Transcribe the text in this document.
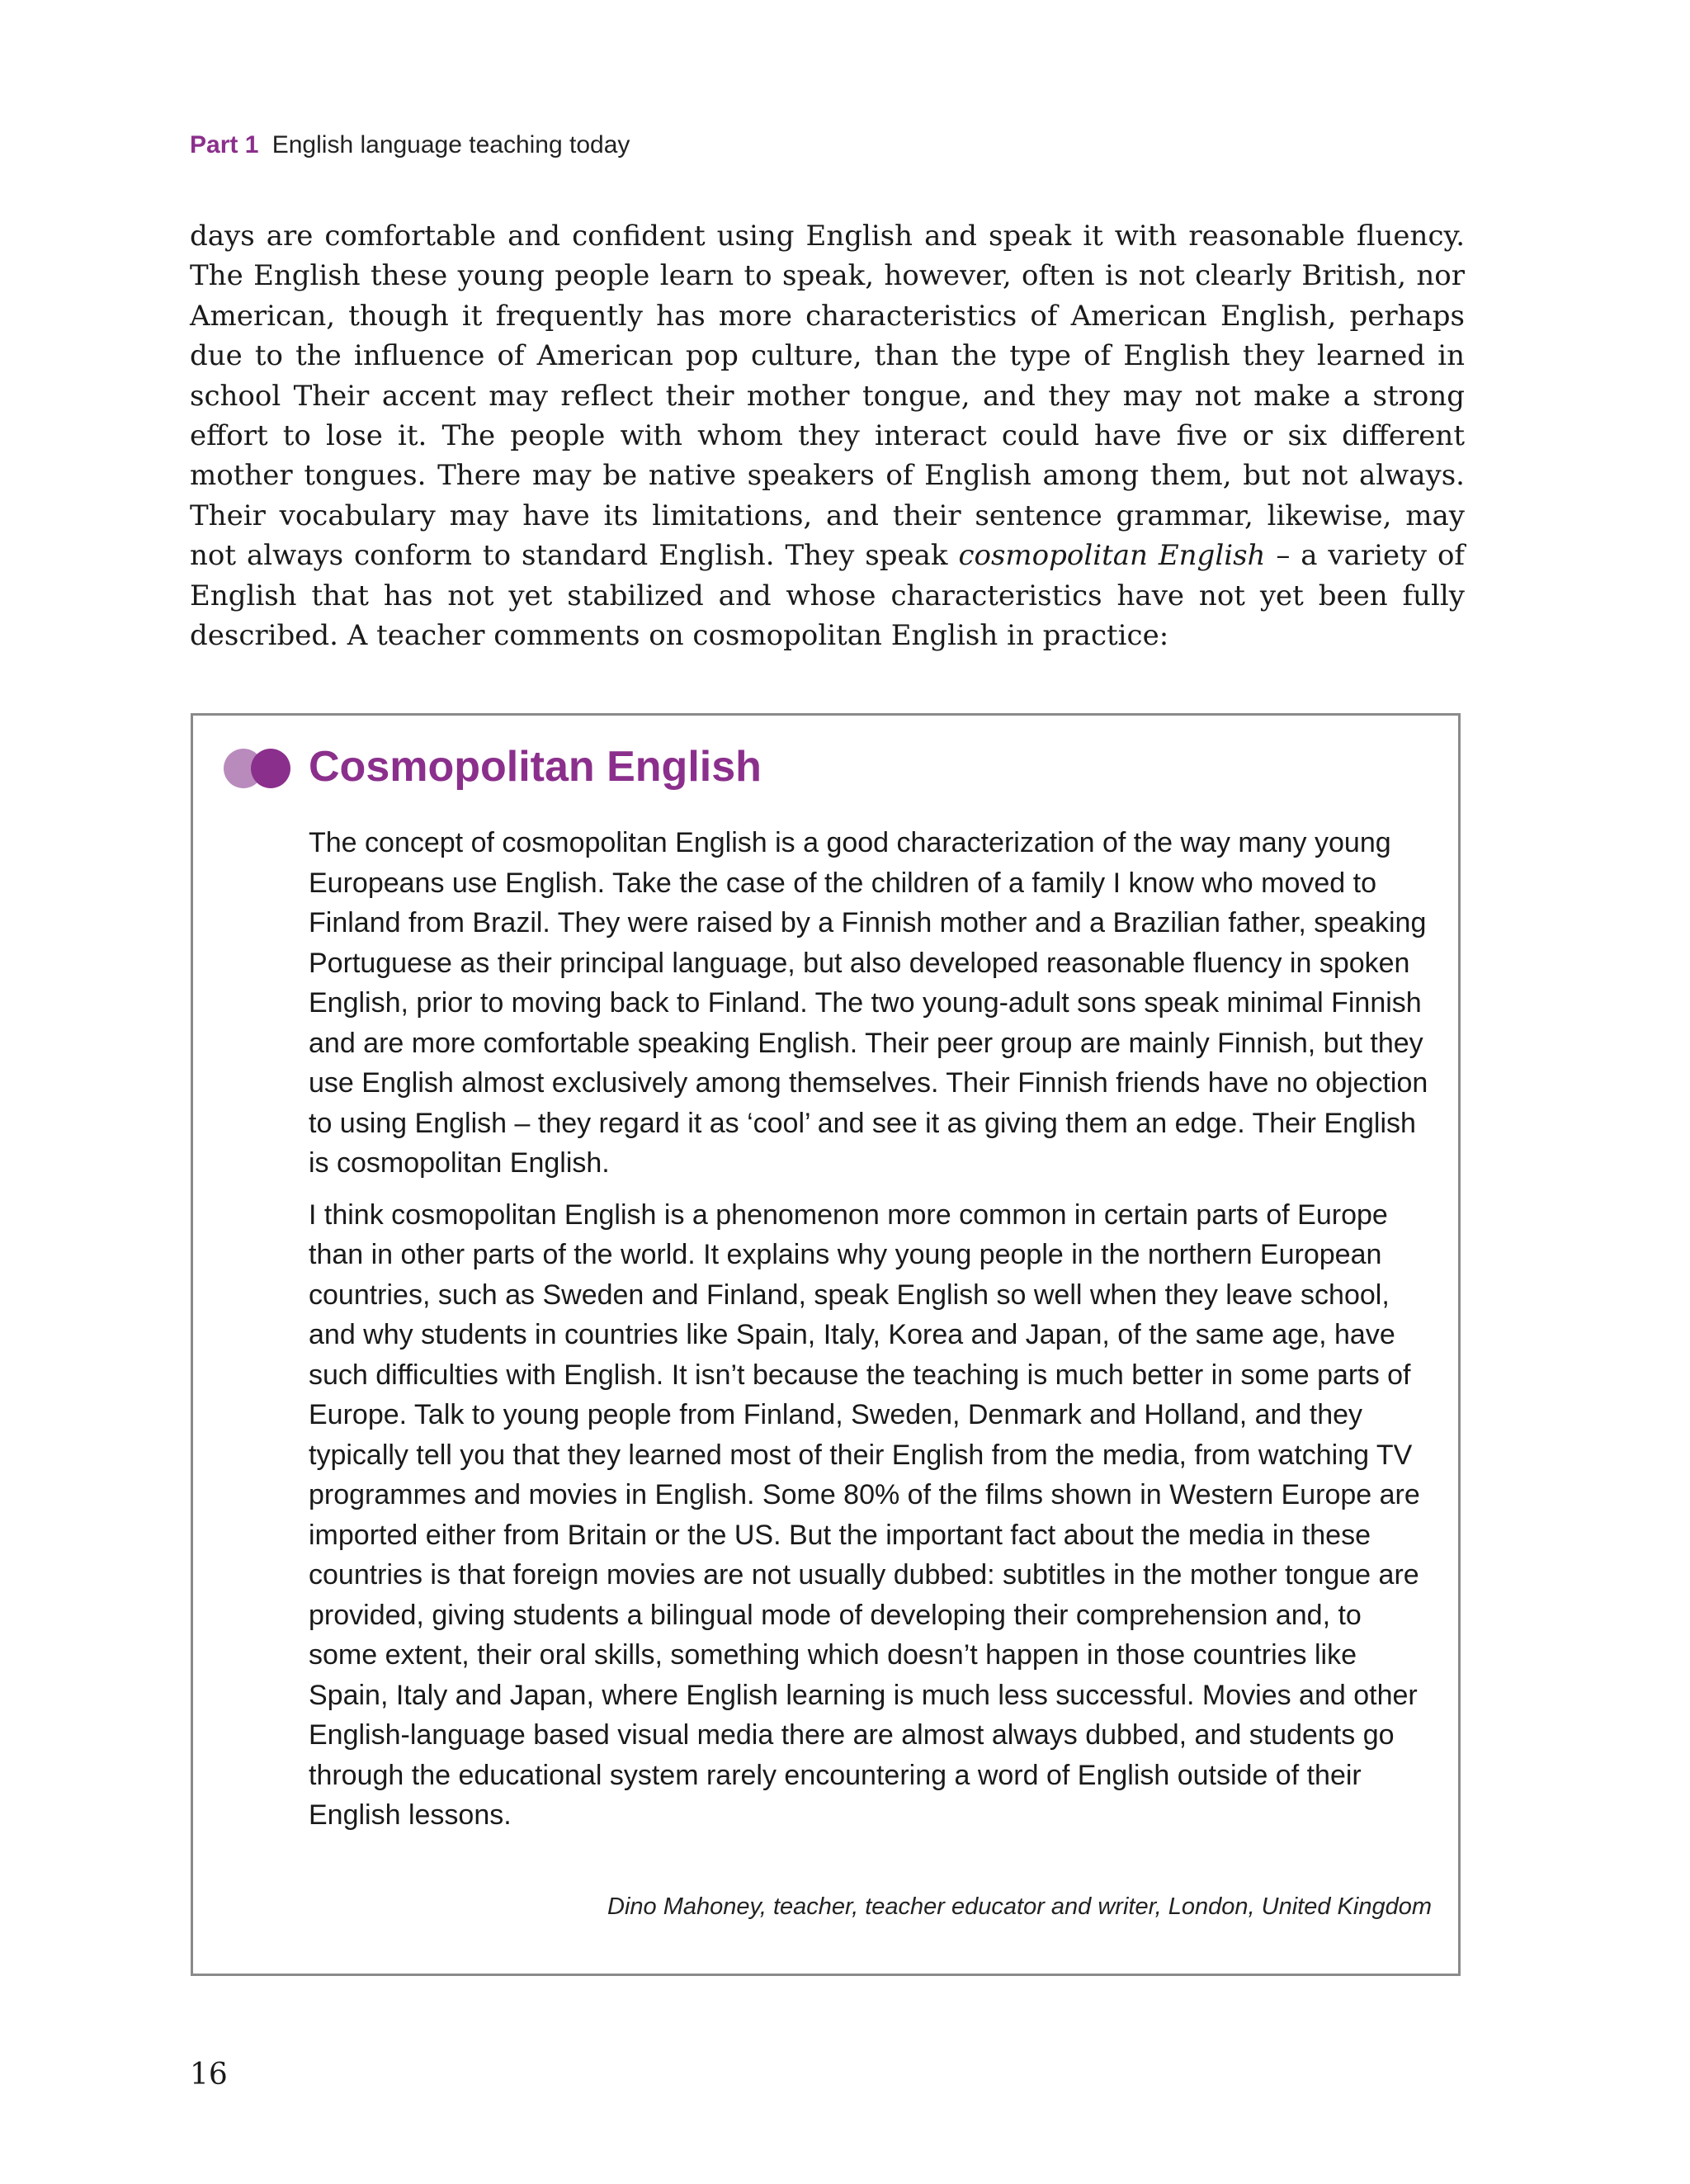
Part 1 English language teaching today

days are comfortable and confident using English and speak it with reasonable fluency. The English these young people learn to speak, however, often is not clearly British, nor American, though it frequently has more characteristics of American English, perhaps due to the influence of American pop culture, than the type of English they learned in school Their accent may reflect their mother tongue, and they may not make a strong effort to lose it. The people with whom they interact could have five or six different mother tongues. There may be native speakers of English among them, but not always. Their vocabulary may have its limitations, and their sentence grammar, likewise, may not always conform to standard English. They speak cosmopolitan English – a variety of English that has not yet stabilized and whose characteristics have not yet been fully described. A teacher comments on cosmopolitan English in practice:

Cosmopolitan English

The concept of cosmopolitan English is a good characterization of the way many young Europeans use English. Take the case of the children of a family I know who moved to Finland from Brazil. They were raised by a Finnish mother and a Brazilian father, speaking Portuguese as their principal language, but also developed reasonable fluency in spoken English, prior to moving back to Finland. The two young-adult sons speak minimal Finnish and are more comfortable speaking English. Their peer group are mainly Finnish, but they use English almost exclusively among themselves. Their Finnish friends have no objection to using English – they regard it as ‘cool’ and see it as giving them an edge. Their English is cosmopolitan English.

I think cosmopolitan English is a phenomenon more common in certain parts of Europe than in other parts of the world. It explains why young people in the northern European countries, such as Sweden and Finland, speak English so well when they leave school, and why students in countries like Spain, Italy, Korea and Japan, of the same age, have such difficulties with English. It isn’t because the teaching is much better in some parts of Europe. Talk to young people from Finland, Sweden, Denmark and Holland, and they typically tell you that they learned most of their English from the media, from watching TV programmes and movies in English. Some 80% of the films shown in Western Europe are imported either from Britain or the US. But the important fact about the media in these countries is that foreign movies are not usually dubbed: subtitles in the mother tongue are provided, giving students a bilingual mode of developing their comprehension and, to some extent, their oral skills, something which doesn’t happen in those countries like Spain, Italy and Japan, where English learning is much less successful. Movies and other English-language based visual media there are almost always dubbed, and students go through the educational system rarely encountering a word of English outside of their English lessons.

Dino Mahoney, teacher, teacher educator and writer, London, United Kingdom
16
